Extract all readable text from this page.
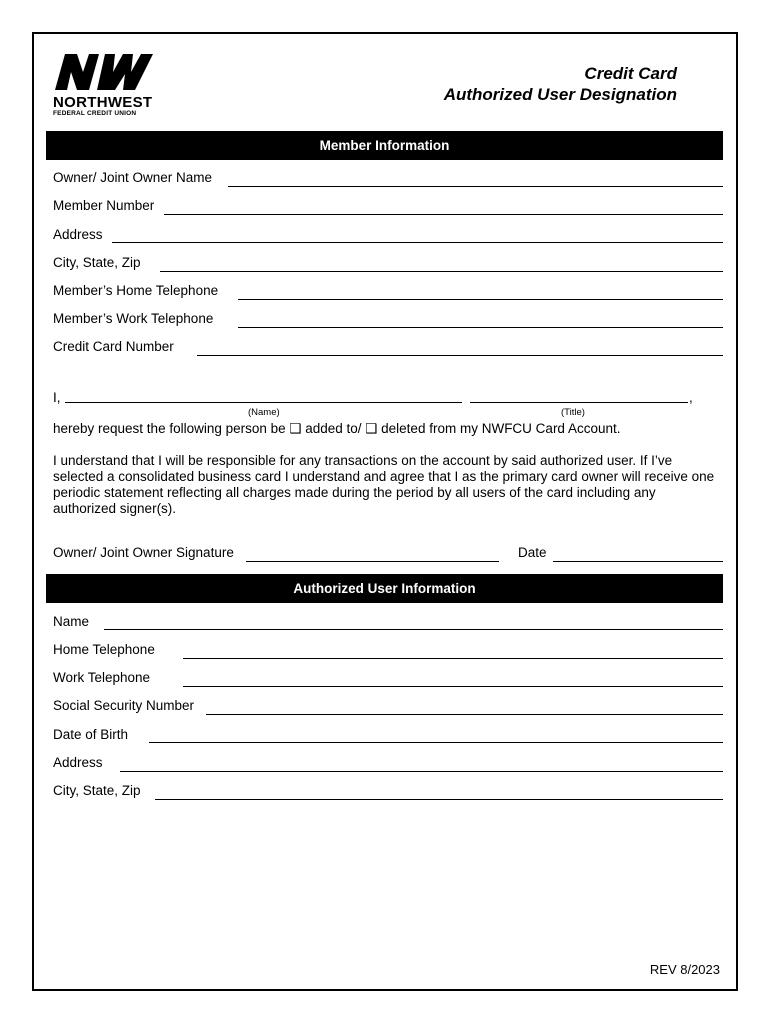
NORTHWEST
FEDERAL CREDIT UNION
Credit Card
Authorized User Designation
Member Information
Owner/ Joint Owner Name
Member Number
Address
City, State, Zip
Member’s Home Telephone
Member’s Work Telephone
Credit Card Number
I,	,
(Name)	(Title)
hereby request the following person be ❑ added to/ ❑ deleted from my NWFCU Card Account.
I understand that I will be responsible for any transactions on the account by said authorized user. If I’ve selected a consolidated business card I understand and agree that I as the primary card owner will receive one periodic statement reflecting all charges made during the period by all users of the card including any authorized signer(s).
Owner/ Joint Owner Signature	Date
Authorized User Information
Name
Home Telephone
Work Telephone
Social Security Number
Date of Birth
Address
City, State, Zip
REV 8/2023
